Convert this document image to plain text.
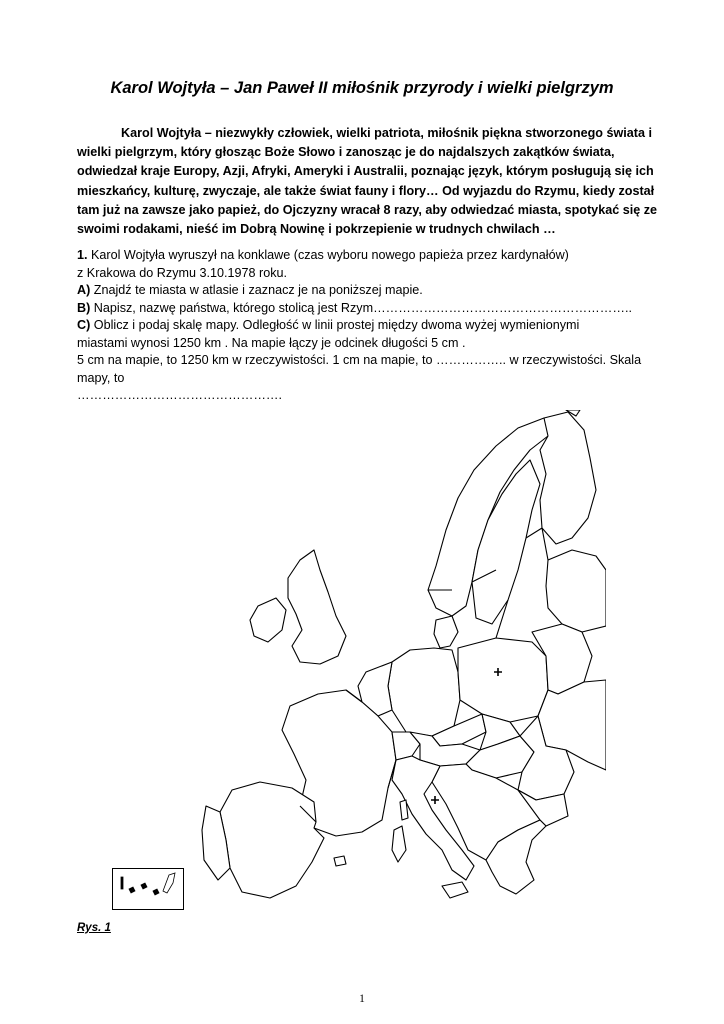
Karol Wojtyła – Jan Paweł II miłośnik przyrody i wielki pielgrzym

Karol Wojtyła – niezwykły człowiek, wielki patriota, miłośnik piękna stworzonego świata i wielki pielgrzym, który głosząc Boże Słowo i zanosząc je do najdalszych zakątków świata, odwiedzał kraje Europy, Azji, Afryki, Ameryki i Australii, poznając język, którym posługują się ich mieszkańcy, kulturę, zwyczaje, ale także świat fauny i flory… Od wyjazdu do Rzymu, kiedy został tam już na zawsze jako papież, do Ojczyzny wracał 8 razy, aby odwiedzać miasta, spotykać się ze swoimi rodakami, nieść im Dobrą Nowinę i pokrzepienie w trudnych chwilach …

1. Karol Wojtyła wyruszył na konklawe (czas wyboru nowego papieża przez kardynałów)
z Krakowa do Rzymu 3.10.1978 roku.
A) Znajdź te miasta w atlasie i zaznacz je na poniższej mapie.
B) Napisz, nazwę państwa, którego stolicą jest Rzym……………………………………………………..
C) Oblicz i podaj skalę mapy. Odległość w linii prostej między dwoma wyżej wymienionymi
miastami wynosi 1250 km . Na mapie łączy je odcinek długości 5 cm .
5 cm na mapie, to 1250 km w rzeczywistości. 1 cm na mapie, to …………….. w rzeczywistości. Skala mapy, to
………………………………………….
Rys. 1
1
